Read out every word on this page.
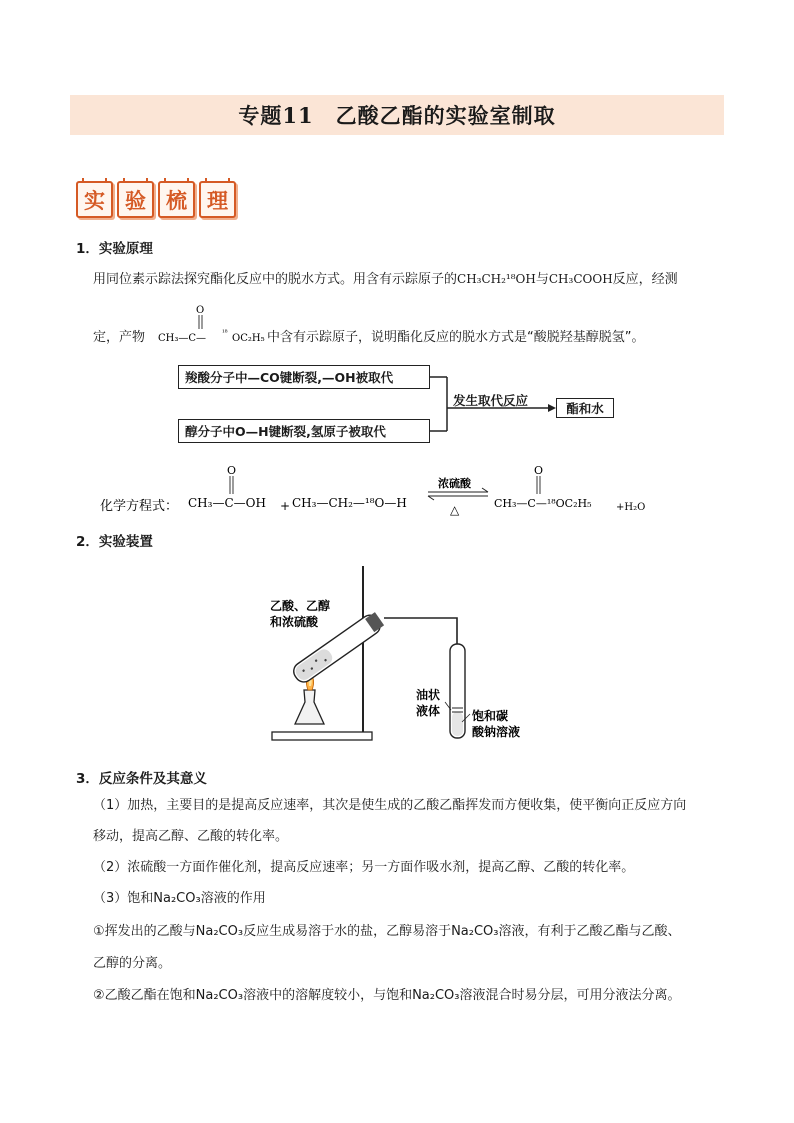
专题11　乙酸乙酯的实验室制取
实 验 梳 理
1．实验原理
用同位素示踪法探究酯化反应中的脱水方式。用含有示踪原子的CH₃CH₂¹⁸OH与CH₃COOH反应，经测
定，产物	中含有示踪原子，说明酯化反应的脱水方式是“酸脱羟基醇脱氢”。
O
CH₃—C— ¹⁸ OC₂H₅
羧酸分子中—CO键断裂,—OH被取代
醇分子中O—H键断裂,氢原子被取代
发生取代反应
酯和水
化学方程式：
O
CH₃—C—OH + CH₃—CH₂—¹⁸O—H
浓硫酸
△
O
CH₃—C—¹⁸OC₂H₅ +H₂O
2．实验装置
乙酸、乙醇
和浓硫酸
油状
液体	饱和碳
酸钠溶液
3．反应条件及其意义
（1）加热，主要目的是提高反应速率，其次是使生成的乙酸乙酯挥发而方便收集，使平衡向正反应方向
移动，提高乙醇、乙酸的转化率。
（2）浓硫酸一方面作催化剂，提高反应速率；另一方面作吸水剂，提高乙醇、乙酸的转化率。
（3）饱和Na₂CO₃溶液的作用
①挥发出的乙酸与Na₂CO₃反应生成易溶于水的盐，乙醇易溶于Na₂CO₃溶液，有利于乙酸乙酯与乙酸、
乙醇的分离。
②乙酸乙酯在饱和Na₂CO₃溶液中的溶解度较小，与饱和Na₂CO₃溶液混合时易分层，可用分液法分离。
